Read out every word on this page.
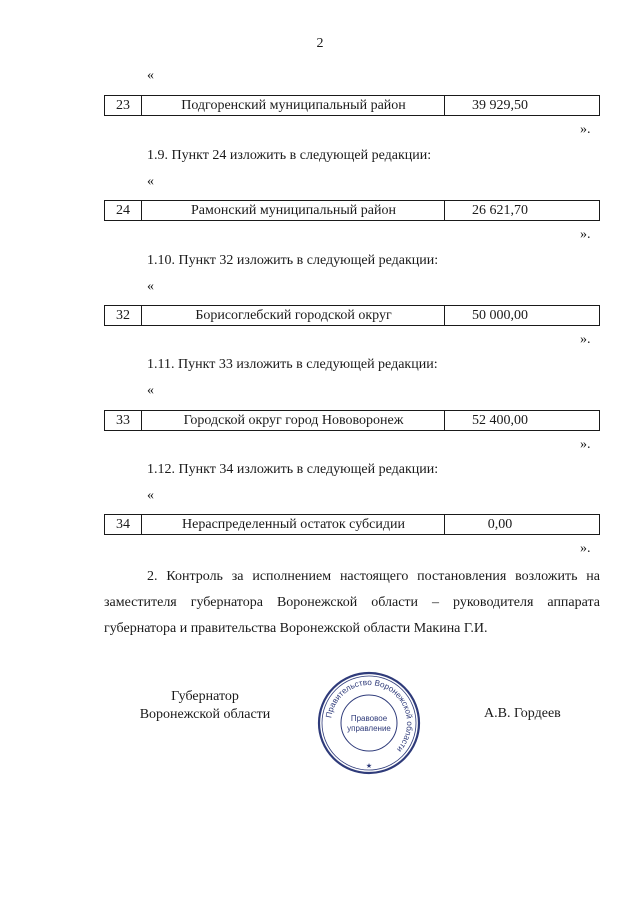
2
«
23	Подгоренский муниципальный район	39 929,50
».
1.9. Пункт 24 изложить в следующей редакции:
«
24	Рамонский муниципальный район	26 621,70
».
1.10. Пункт 32 изложить в следующей редакции:
«
32	Борисоглебский городской округ	50 000,00
».
1.11. Пункт 33 изложить в следующей редакции:
«
33	Городской округ город Нововоронеж	52 400,00
».
1.12. Пункт 34 изложить в следующей редакции:
«
34	Нераспределенный остаток субсидии	0,00
».
2. Контроль за исполнением настоящего постановления возложить на заместителя губернатора Воронежской области – руководителя аппарата губернатора и правительства Воронежской области Макина Г.И.
Губернатор
Воронежской области	Правительство Воронежской области
Правовое
управление
★
А.В. Гордеев
